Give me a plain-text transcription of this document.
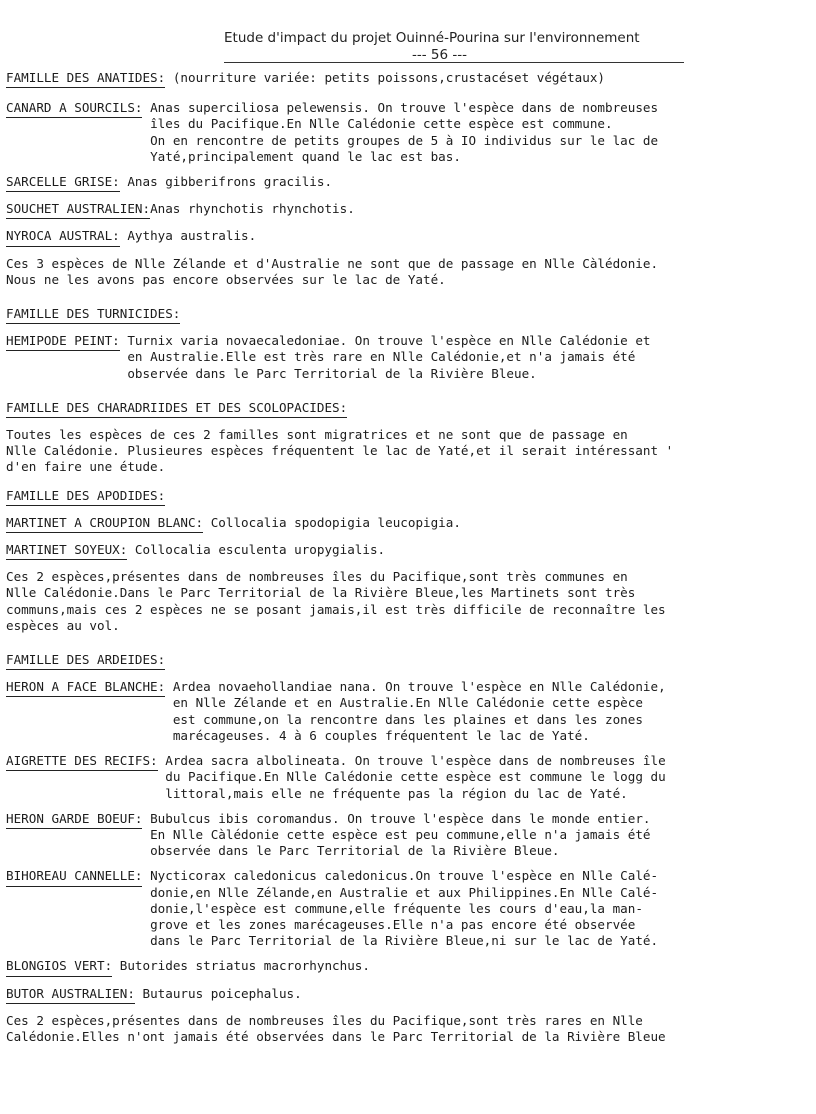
Etude d'impact du projet Ouinné-Pourina sur l'environnement
--- 56 ---
FAMILLE DES ANATIDES: (nourriture variée: petits poissons,crustacéset végétaux)
CANARD A SOURCILS: Anas superciliosa pelewensis. On trouve l'espèce dans de nombreuses
îles du Pacifique.En Nlle Calédonie cette espèce est commune.
On en rencontre de petits groupes de 5 à IO individus sur le lac de
Yaté,principalement quand le lac est bas.
SARCELLE GRISE: Anas gibberifrons gracilis.
SOUCHET AUSTRALIEN:Anas rhynchotis rhynchotis.
NYROCA AUSTRAL: Aythya australis.
Ces 3 espèces de Nlle Zélande et d'Australie ne sont que de passage en Nlle Càlédonie.
Nous ne les avons pas encore observées sur le lac de Yaté.
FAMILLE DES TURNICIDES:
HEMIPODE PEINT: Turnix varia novaecaledoniae. On trouve l'espèce en Nlle Calédonie et
en Australie.Elle est très rare en Nlle Calédonie,et n'a jamais été
observée dans le Parc Territorial de la Rivière Bleue.
FAMILLE DES CHARADRIIDES ET DES SCOLOPACIDES:
Toutes les espèces de ces 2 familles sont migratrices et ne sont que de passage en
Nlle Calédonie. Plusieures espèces fréquentent le lac de Yaté,et il serait intéressant '
d'en faire une étude.
FAMILLE DES APODIDES:
MARTINET A CROUPION BLANC: Collocalia spodopigia leucopigia.
MARTINET SOYEUX: Collocalia esculenta uropygialis.
Ces 2 espèces,présentes dans de nombreuses îles du Pacifique,sont très communes en
Nlle Calédonie.Dans le Parc Territorial de la Rivière Bleue,les Martinets sont très
communs,mais ces 2 espèces ne se posant jamais,il est très difficile de reconnaître les
espèces au vol.
FAMILLE DES ARDEIDES:
HERON A FACE BLANCHE: Ardea novaehollandiae nana. On trouve l'espèce en Nlle Calédonie,
en Nlle Zélande et en Australie.En Nlle Calédonie cette espèce
est commune,on la rencontre dans les plaines et dans les zones
marécageuses. 4 à 6 couples fréquentent le lac de Yaté.
AIGRETTE DES RECIFS: Ardea sacra albolineata. On trouve l'espèce dans de nombreuses île
du Pacifique.En Nlle Calédonie cette espèce est commune le logg du
littoral,mais elle ne fréquente pas la région du lac de Yaté.
HERON GARDE BOEUF: Bubulcus ibis coromandus. On trouve l'espèce dans le monde entier.
En Nlle Càlédonie cette espèce est peu commune,elle n'a jamais été
observée dans le Parc Territorial de la Rivière Bleue.
BIHOREAU CANNELLE: Nycticorax caledonicus caledonicus.On trouve l'espèce en Nlle Calé-
donie,en Nlle Zélande,en Australie et aux Philippines.En Nlle Calé-
donie,l'espèce est commune,elle fréquente les cours d'eau,la man-
grove et les zones marécageuses.Elle n'a pas encore été observée
dans le Parc Territorial de la Rivière Bleue,ni sur le lac de Yaté.
BLONGIOS VERT: Butorides striatus macrorhynchus.
BUTOR AUSTRALIEN: Butaurus poicephalus.
Ces 2 espèces,présentes dans de nombreuses îles du Pacifique,sont très rares en Nlle
Calédonie.Elles n'ont jamais été observées dans le Parc Territorial de la Rivière Bleue
